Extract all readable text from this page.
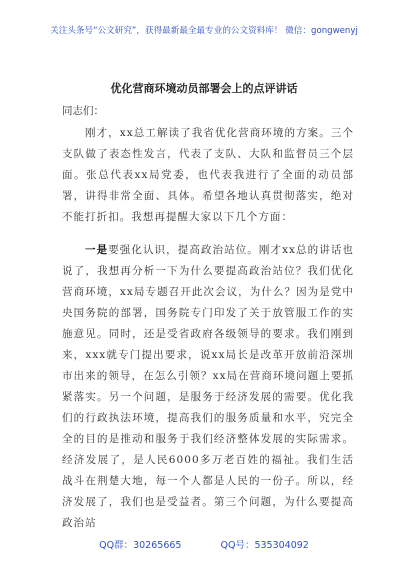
关注头条号“公文研究”，获得最新最全最专业的公文资料库！ 微信：gongwenyj
优化营商环境动员部署会上的点评讲话
同志们：

刚才，xx总工解读了我省优化营商环境的方案。三个支队做了表态性发言，代表了支队、大队和监督员三个层面。张总代表xx局党委，也代表我进行了全面的动员部署，讲得非常全面、具体。希望各地认真贯彻落实，绝对不能打折扣。我想再提醒大家以下几个方面：

一是要强化认识，提高政治站位。刚才xx总的讲话也说了，我想再分析一下为什么要提高政治站位？我们优化营商环境，xx局专题召开此次会议，为什么？因为是党中央国务院的部署，国务院专门印发了关于放管服工作的实施意见。同时，还是受省政府各级领导的要求。我们刚到来，xxx就专门提出要求，说xx局长是改革开放前沿深圳市出来的领导，在怎么引领？xx局在营商环境问题上要抓紧落实。另一个问题，是服务于经济发展的需要。优化我们的行政执法环境，提高我们的服务质量和水平，究完全全的目的是推动和服务于我们经济整体发展的实际需求。经济发展了，是人民6000多万老百姓的福祉。我们生活战斗在荆楚大地，每一个人都是人民的一份子。所以，经济发展了，我们也是受益者。第三个问题，为什么要提高政治站

QQ群：30265665	QQ号：535304092
